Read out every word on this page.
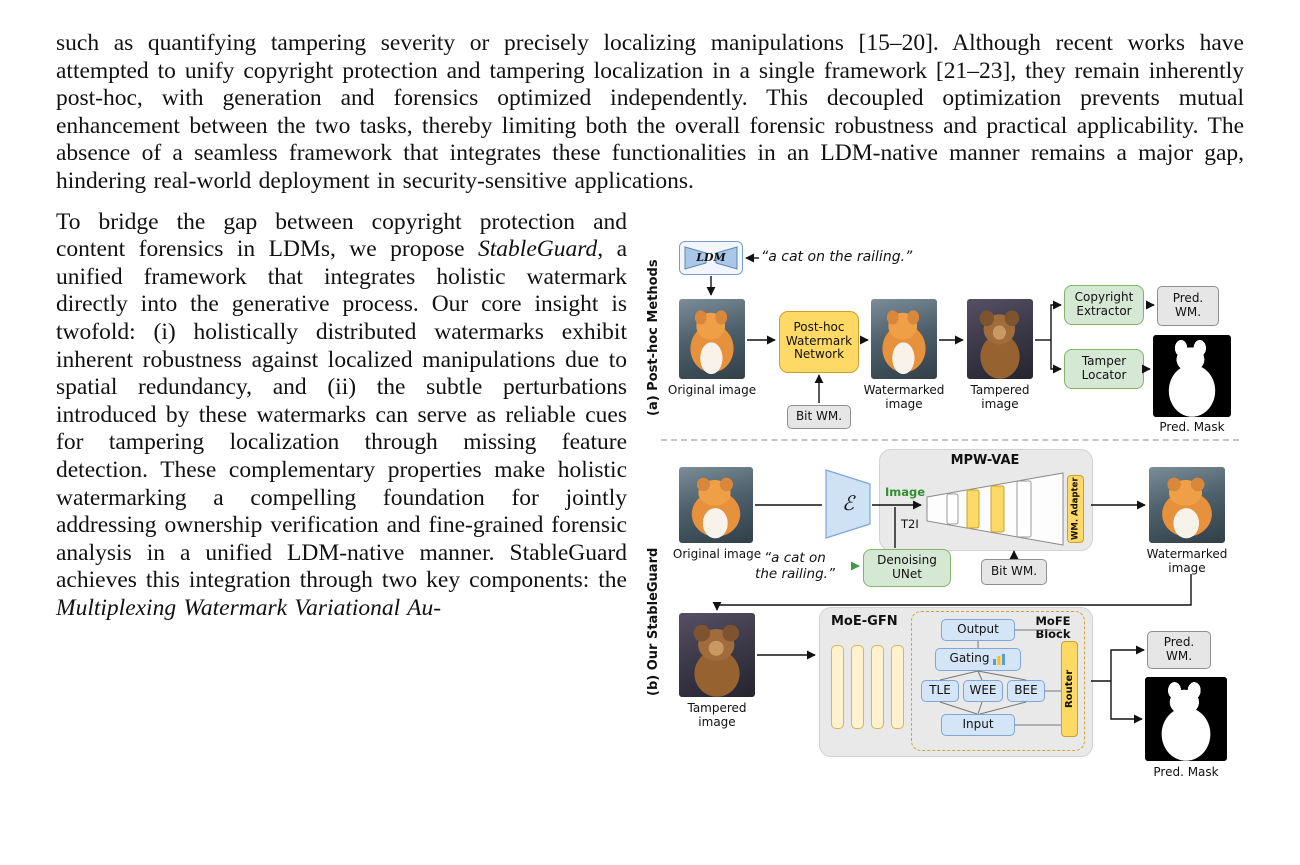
such as quantifying tampering severity or precisely localizing manipulations [15–20]. Although recent works have attempted to unify copyright protection and tampering localization in a single framework [21–23], they remain inherently post-hoc, with generation and forensics optimized independently. This decoupled optimization prevents mutual enhancement between the two tasks, thereby limiting both the overall forensic robustness and practical applicability. The absence of a seamless framework that integrates these functionalities in an LDM-native manner remains a major gap, hindering real-world deployment in security-sensitive applications.

(a) Post-hoc Methods
LDM	“a cat on the railing.”
Original image
Post-hoc Watermark Network
Bit WM.
Watermarked image
Tampered image
Copyright Extractor
Tamper Locator
Pred. WM.
Pred. Mask
(b) Our StableGuard Original image
ℰ
MPW-VAE
WM. Adapter
Image
T2I
“a cat on
the railing.”
Denoising UNet	Bit WM.
Watermarked image
Tampered image
MoE-GFN	MoFE Block
Output
Gating
TLE	WEE	BEE
Input
Router
Pred. WM.
Pred. Mask

To bridge the gap between copyright protection and content forensics in LDMs, we propose StableGuard, a unified framework that integrates holistic watermark directly into the generative process. Our core insight is twofold: (i) holistically distributed watermarks exhibit inherent robustness against localized manipulations due to spatial redundancy, and (ii) the subtle perturbations introduced by these watermarks can serve as reliable cues for tampering localization through missing feature detection. These complementary properties make holistic watermarking a compelling foundation for jointly addressing ownership verification and fine-grained forensic analysis in a unified LDM-native manner. StableGuard achieves this integration through two key components: the Multiplexing Watermark Variational Au-
